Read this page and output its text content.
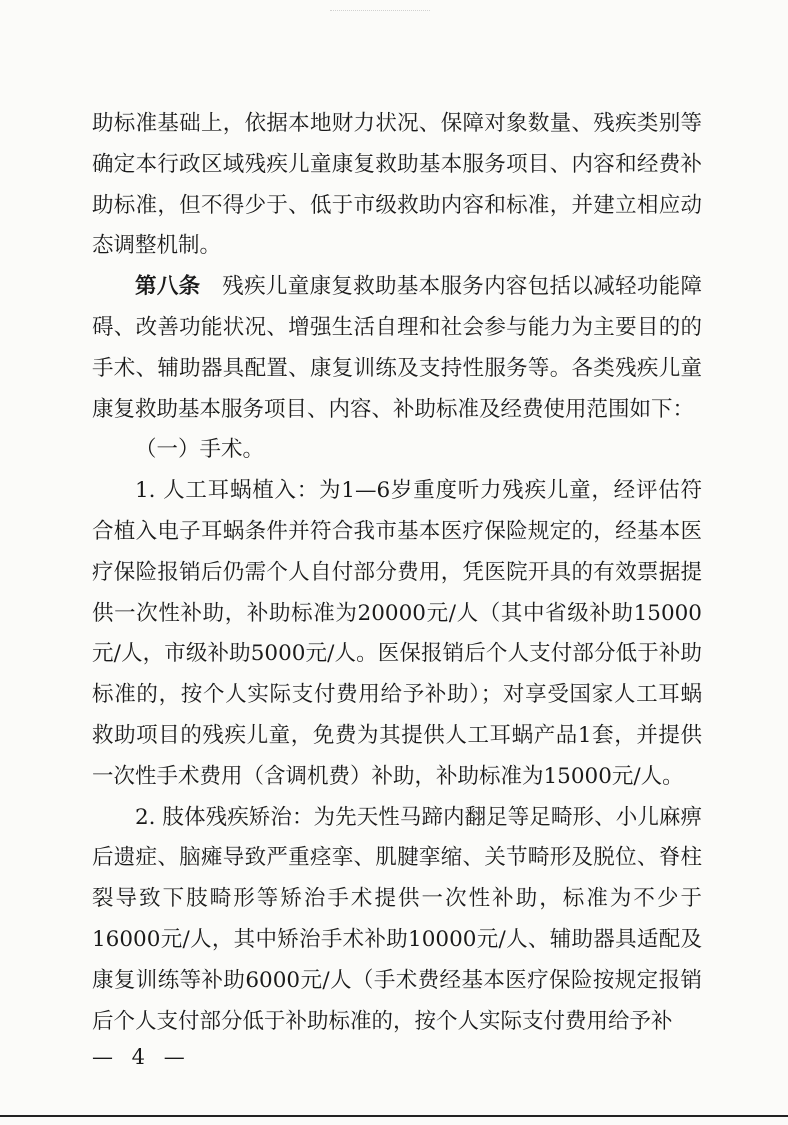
助标准基础上，依据本地财力状况、保障对象数量、残疾类别等确定本行政区域残疾儿童康复救助基本服务项目、内容和经费补助标准，但不得少于、低于市级救助内容和标准，并建立相应动态调整机制。

第八条　残疾儿童康复救助基本服务内容包括以减轻功能障碍、改善功能状况、增强生活自理和社会参与能力为主要目的的手术、辅助器具配置、康复训练及支持性服务等。各类残疾儿童康复救助基本服务项目、内容、补助标准及经费使用范围如下：

（一）手术。

1. 人工耳蜗植入：为1—6岁重度听力残疾儿童，经评估符合植入电子耳蜗条件并符合我市基本医疗保险规定的，经基本医疗保险报销后仍需个人自付部分费用，凭医院开具的有效票据提供一次性补助，补助标准为20000元/人（其中省级补助15000元/人，市级补助5000元/人。医保报销后个人支付部分低于补助标准的，按个人实际支付费用给予补助）；对享受国家人工耳蜗救助项目的残疾儿童，免费为其提供人工耳蜗产品1套，并提供一次性手术费用（含调机费）补助，补助标准为15000元/人。

2. 肢体残疾矫治：为先天性马蹄内翻足等足畸形、小儿麻痹后遗症、脑瘫导致严重痉挛、肌腱挛缩、关节畸形及脱位、脊柱裂导致下肢畸形等矫治手术提供一次性补助，标准为不少于16000元/人，其中矫治手术补助10000元/人、辅助器具适配及康复训练等补助6000元/人（手术费经基本医疗保险按规定报销后个人支付部分低于补助标准的，按个人实际支付费用给予补

— 4 —
